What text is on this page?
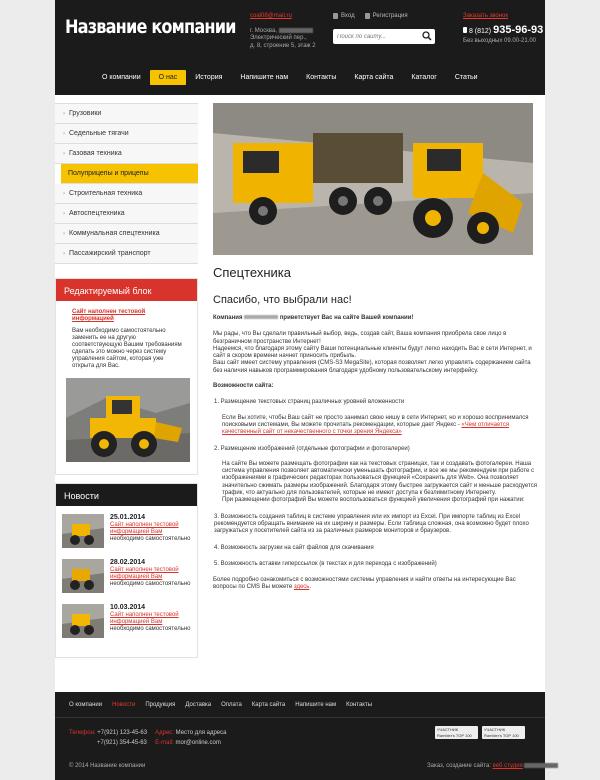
Название компании coal08@mail.ru
г. Москва,
Электрический пер.,
д. 8, строение 5, этаж 2
Вход	Регистрация
Поиск по сайту...	Заказать звонок
8 (812) 935-96-93
Без выходных 09.00-21.00
О компании	О нас	История	Напишите нам	Контакты	Карта сайта	Каталог	Статьи
› Грузовики
› Седельные тягачи
› Газовая техника
Полуприцепы и прицепы
› Строительная техника
› Автоспецтехника
› Коммунальная спецтехника
› Пассажирский транспорт
Редактируемый блок
Сайт наполнен тестовой информацией
Вам необходимо самостоятельно заменить ее на другую соответствующую Вашим требованиям сделать это можно через систему управления сайтом, которая уже открыта для Вас.
Новости
25.01.2014
Сайт наполнен тестовой информацией Вам
необходимо самостоятельно
28.02.2014
Сайт наполнен тестовой информацией Вам
необходимо самостоятельно
10.03.2014
Сайт наполнен тестовой информацией Вам
необходимо самостоятельно
Спецтехника
Спасибо, что выбрали нас!

Компания	приветствует Вас на сайте Вашей компании!

Мы рады, что Вы сделали правильный выбор, ведь, создав сайт, Ваша компания приобрела свое лицо в безграничном пространстве Интернет!

Надеемся, что благодаря этому сайту Ваши потенциальные клиенты будут легко находить Вас в сети Интернет, и сайт в скором времени начнет приносить прибыль.
Ваш сайт имеет систему управления (CMS-S3 MegaSite), которая позволяет легко управлять содержанием сайта без наличия навыков программирования благодаря удобному пользовательскому интерфейсу.
Возможности сайта:
1. Размещение текстовых страниц различных уровней вложенности
Если Вы хотите, чтобы Ваш сайт не просто занимал свою нишу в сети Интернет, но и хорошо воспринимался поисковыми системами, Вы можете прочитать рекомендации, которые дает Яндекс - «Чем отличается качественный сайт от некачественного с точки зрения Яндекса»
2. Размещение изображений (отдельные фотографии и фотогалереи)
На сайте Вы можете размещать фотографии как на текстовых страницах, так и создавать фотогалереи. Наша система управления позволяет автоматически уменьшать фотографии, и все же мы рекомендуем при работе с изображениями в графических редакторах пользоваться функцией «Сохранить для Web». Она позволяет значительно сжимать размеры изображений. Благодаря этому быстрее загружается сайт и меньше расходуется трафик, что актуально для пользователей, которые не имеют доступа к безлимитному Интернету.
При размещении фотографий Вы можете воспользоваться функцией увеличения фотографий при нажатии:
3. Возможность создания таблиц в системе управления или их импорт из Excel. При импорте таблиц из Excel рекомендуется обращать внимание на их ширину и размеры. Если таблица сложная, она возможно будет плохо загружаться у посетителей сайта из за различных размеров мониторов и браузеров.
4. Возможность загрузки на сайт файлов для скачивания
5. Возможность вставки гиперссылок (в текстах и для перехода с изображений)

Более подробно ознакомиться с возможностями системы управления и найти ответы на интересующие Вас вопросы по CMS Вы можете здесь.

О компании Новости Продукция Доставка Оплата Карта сайта Напишите нам Контакты
Телефон: +7(921) 123-45-63
+7(921) 354-45-63
Адрес: Место для адреса
E-mail: mor@online.com
УЧАСТНИК Rambler's TOP 100
УЧАСТНИК Rambler's TOP 100
© 2014 Название компании	Заказ, создание сайта: веб студия
